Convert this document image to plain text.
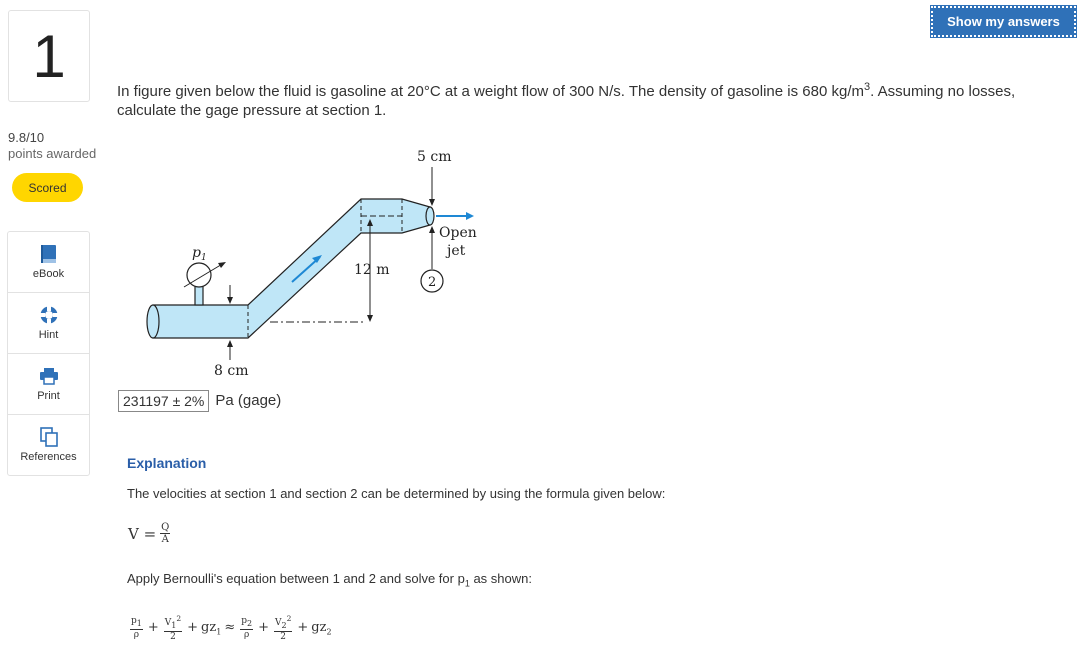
1
9.8/10
points awarded
Scored
eBook
Hint
Print
References
Show my answers
In figure given below the fluid is gasoline at 20°C at a weight flow of 300 N/s. The density of gasoline is 680 $kg/m^3$. Assuming no losses, calculate the gage pressure at section 1.
$p_1$
8 cm
12 m
5 cm
Open
jet
2
231197 ± 2% Pa (gage)
Explanation
The velocities at section 1 and section 2 can be determined by using the formula given below:
$V = \frac{Q}{A}$
Apply Bernoulli's equation between 1 and 2 and solve for $p_1$ as shown:
$\frac{p_1}{\rho} + \frac{V_1^2}{2} + gz_1 \approx \frac{p_2}{\rho} + \frac{V_2^2}{2} + gz_2$
